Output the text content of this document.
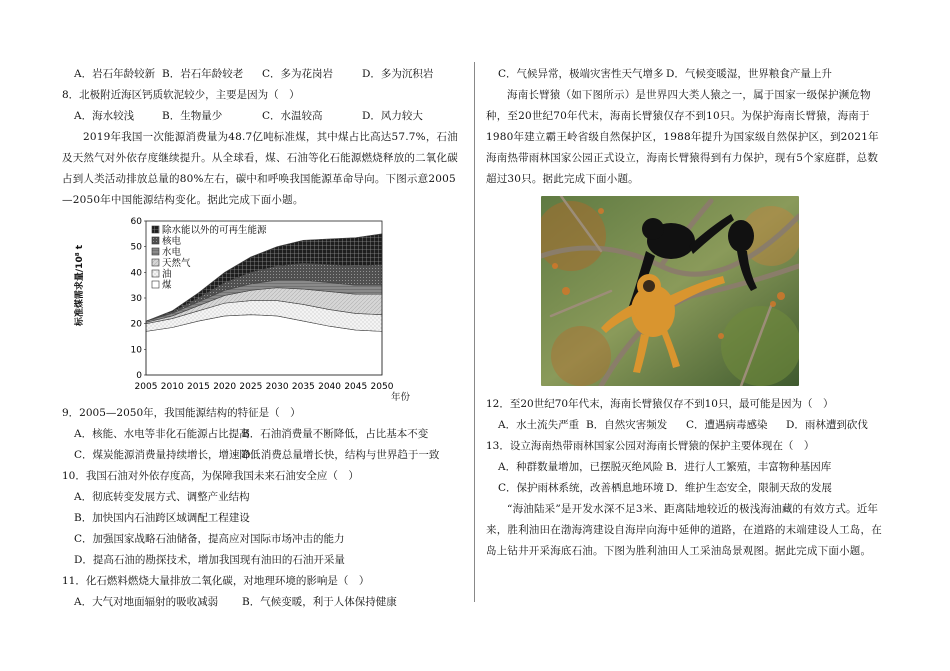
A．岩石年龄较新 B．岩石年龄较老	C．多为花岗岩	D．多为沉积岩
8．北极附近海区钙质软泥较少，主要是因为（　）
A．海水较浅	B．生物量少	C．水温较高	D．风力较大
2019年我国一次能源消费量为48.7亿吨标准煤，其中煤占比高达57.7%，石油及天然气对外依存度继续提升。从全球看，煤、石油等化石能源燃烧释放的二氧化碳占到人类活动排放总量的80%左右，碳中和呼唤我国能源革命导向。下图示意2005—2050年中国能源结构变化。据此完成下面小题。
0
10
20
30
40
50
60
2005 2010 2015 2020 2025 2030 2035 2040 2045 2050
除水能以外的可再生能源
核电
水电
天然气
油
煤
标准煤需求量/10⁸ t
年份
9．2005—2050年，我国能源结构的特征是（　）
A．核能、水电等非化石能源占比提高
B．石油消费量不断降低，占比基本不变
C．煤炭能源消费量持续增长，增速降低
D．消费总量增长快，结构与世界趋于一致
10．我国石油对外依存度高，为保障我国未来石油安全应（　）
A．彻底转变发展方式、调整产业结构
B．加快国内石油跨区域调配工程建设
C．加强国家战略石油储备，提高应对国际市场冲击的能力
D．提高石油的勘探技术，增加我国现有油田的石油开采量
11．化石燃料燃烧大量排放二氧化碳，对地理环境的影响是（　）
A．大气对地面辐射的吸收减弱	B．气候变暖，利于人体保持健康
C．气候异常，极端灾害性天气增多 D．气候变暖湿，世界粮食产量上升
海南长臂猿（如下图所示）是世界四大类人猿之一，属于国家一级保护濒危物种，至20世纪70年代末，海南长臂猿仅存不到10只。为保护海南长臂猿，海南于1980年建立霸王岭省级自然保护区，1988年提升为国家级自然保护区，到2021年海南热带雨林国家公园正式设立，海南长臂猿得到有力保护，现有5个家庭群，总数超过30只。据此完成下面小题。
12．至20世纪70年代末，海南长臂猿仅存不到10只，最可能是因为（　）
A．水土流失严重 B．自然灾害频发	C．遭遇病毒感染	D．雨林遭到砍伐
13．设立海南热带雨林国家公园对海南长臂猿的保护主要体现在（　）
A．种群数量增加，已摆脱灭绝风险 B．进行人工繁殖，丰富物种基因库
C．保护雨林系统，改善栖息地环境 D．维护生态安全，限制天敌的发展
“海油陆采”是开发水深不足3米、距离陆地较近的极浅海油藏的有效方式。近年来，胜利油田在渤海湾建设自海岸向海中延伸的道路，在道路的末端建设人工岛，在岛上钻井开采海底石油。下图为胜利油田人工采油岛景观图。据此完成下面小题。
